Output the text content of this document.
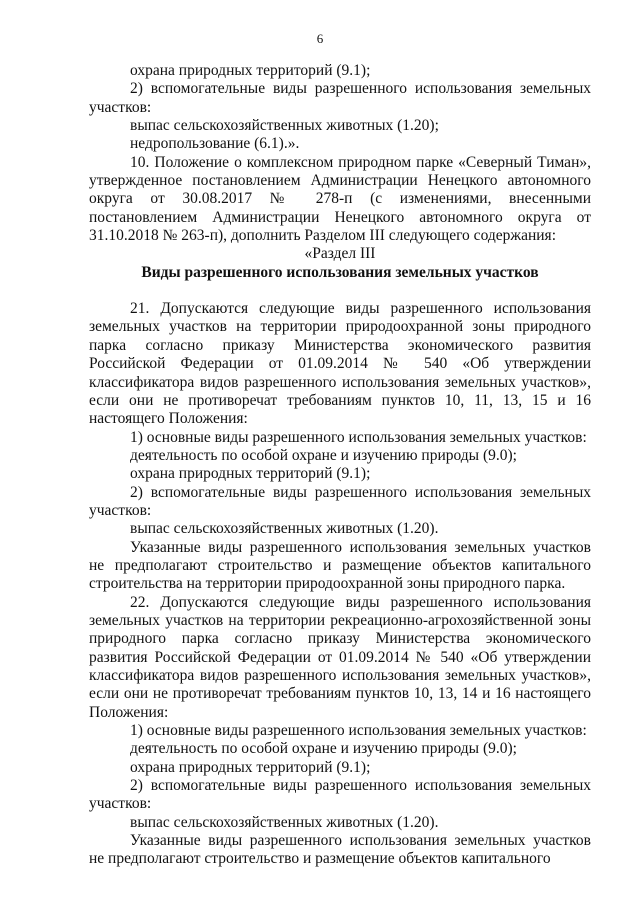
6

охрана природных территорий (9.1);

2) вспомогательные виды разрешенного использования земельных участков:

выпас сельскохозяйственных животных (1.20);

недропользование (6.1).».

10. Положение о комплексном природном парке «Северный Тиман», утвержденное постановлением Администрации Ненецкого автономного округа от 30.08.2017 № 278-п (с изменениями, внесенными постановлением Администрации Ненецкого автономного округа от 31.10.2018 № 263-п), дополнить Разделом III следующего содержания:

«Раздел III

Виды разрешенного использования земельных участков

21. Допускаются следующие виды разрешенного использования земельных участков на территории природоохранной зоны природного парка согласно приказу Министерства экономического развития Российской Федерации от 01.09.2014 № 540 «Об утверждении классификатора видов разрешенного использования земельных участков», если они не противоречат требованиям пунктов 10, 11, 13, 15 и 16 настоящего Положения:

1) основные виды разрешенного использования земельных участков:

деятельность по особой охране и изучению природы (9.0);

охрана природных территорий (9.1);

2) вспомогательные виды разрешенного использования земельных участков:

выпас сельскохозяйственных животных (1.20).

Указанные виды разрешенного использования земельных участков не предполагают строительство и размещение объектов капитального строительства на территории природоохранной зоны природного парка.

22. Допускаются следующие виды разрешенного использования земельных участков на территории рекреационно-агрохозяйственной зоны природного парка согласно приказу Министерства экономического развития Российской Федерации от 01.09.2014 № 540 «Об утверждении классификатора видов разрешенного использования земельных участков», если они не противоречат требованиям пунктов 10, 13, 14 и 16 настоящего Положения:

1) основные виды разрешенного использования земельных участков:

деятельность по особой охране и изучению природы (9.0);

охрана природных территорий (9.1);

2) вспомогательные виды разрешенного использования земельных участков:

выпас сельскохозяйственных животных (1.20).

Указанные виды разрешенного использования земельных участков не предполагают строительство и размещение объектов капитального
